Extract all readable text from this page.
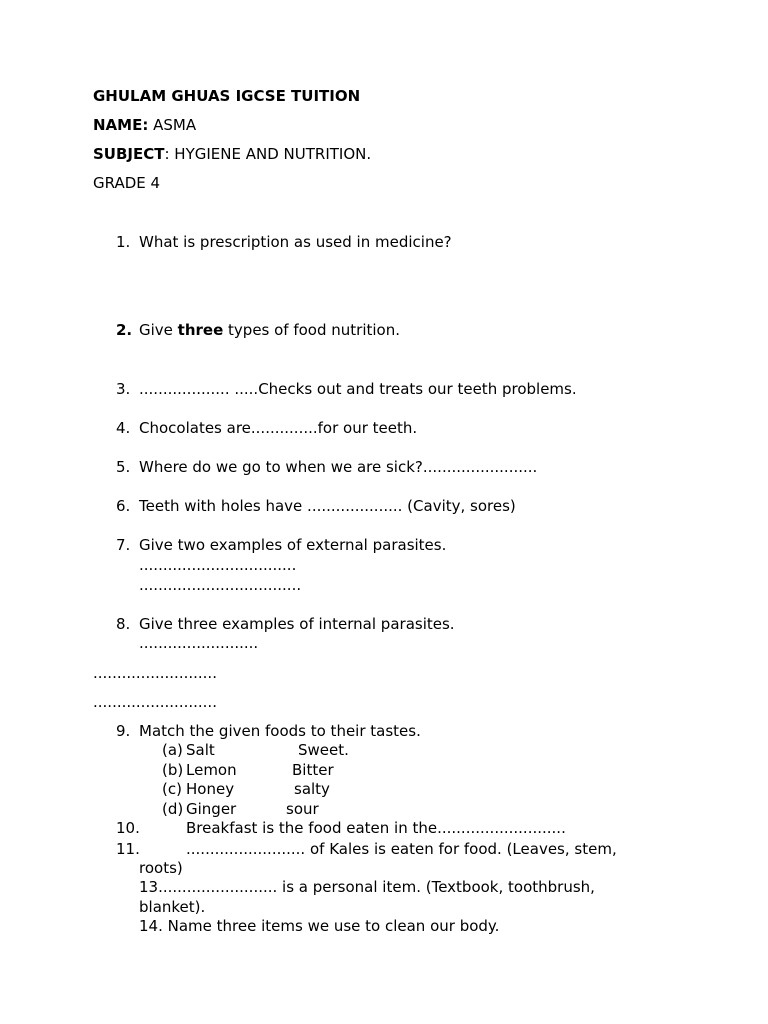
GHULAM GHUAS IGCSE TUITION
NAME: ASMA
SUBJECT: HYGIENE AND NUTRITION.
GRADE 4
1. What is prescription as used in medicine?
2. Give three types of food nutrition.
3. ................... .....Checks out and treats our teeth problems.
4. Chocolates are..............for our teeth.
5. Where do we go to when we are sick?........................
6. Teeth with holes have .................... (Cavity, sores)
7. Give two examples of external parasites.
.................................
..................................
8. Give three examples of internal parasites.
.........................
..........................
..........................
9. Match the given foods to their tastes.
(a) Salt	Sweet.
(b) Lemon	Bitter
(c) Honey	salty
(d) Ginger	sour
10.	Breakfast is the food eaten in the...........................
11.	......................... of Kales is eaten for food. (Leaves, stem,
roots)
13......................... is a personal item. (Textbook, toothbrush,
blanket).
14. Name three items we use to clean our body.
